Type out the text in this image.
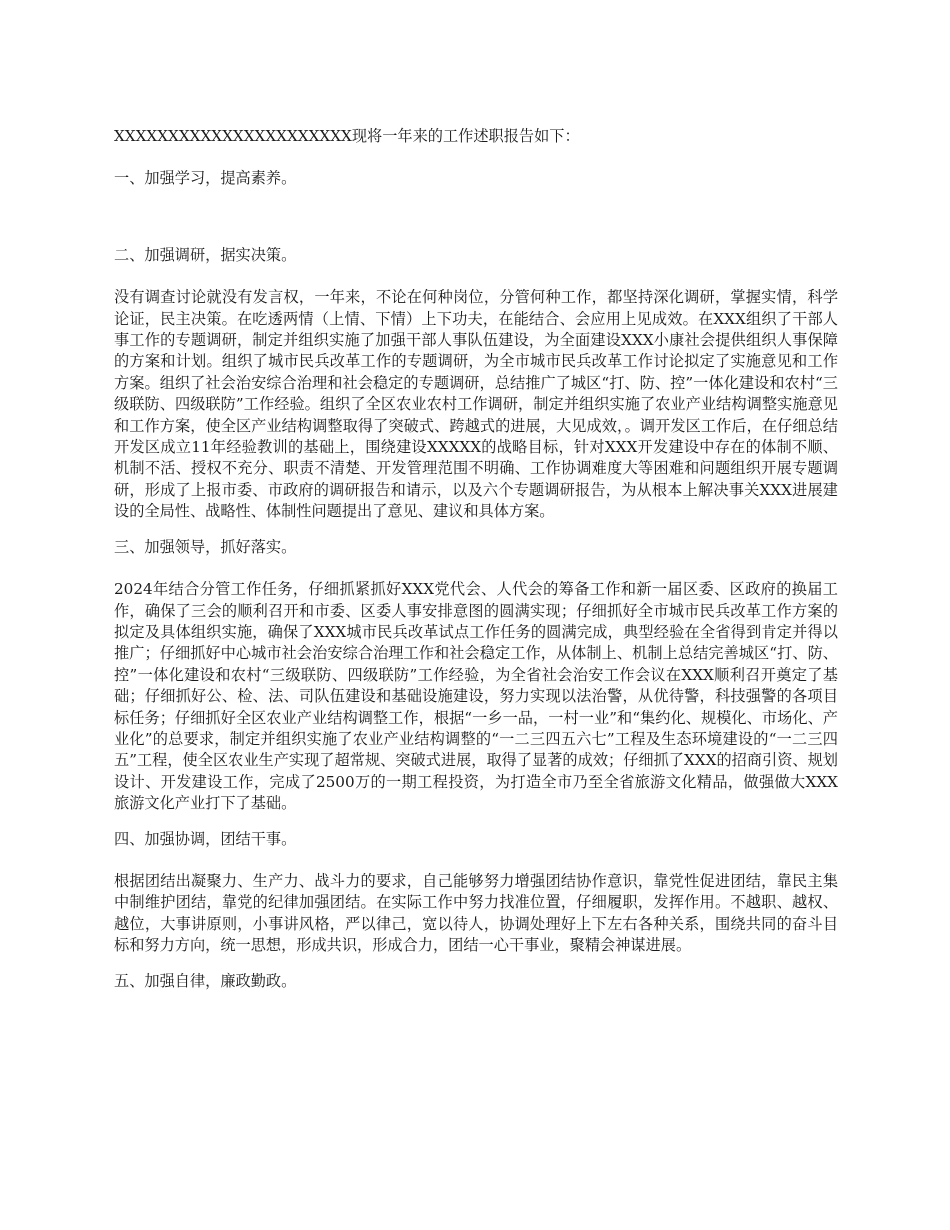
XXXXXXXXXXXXXXXXXXXXXX现将一年来的工作述职报告如下：

一、加强学习，提高素养。

二、加强调研，据实决策。

没有调查讨论就没有发言权，一年来，不论在何种岗位，分管何种工作，都坚持深化调研，掌握实情，科学论证，民主决策。在吃透两情（上情、下情）上下功夫，在能结合、会应用上见成效。在XXX组织了干部人事工作的专题调研，制定并组织实施了加强干部人事队伍建设，为全面建设XXX小康社会提供组织人事保障的方案和计划。组织了城市民兵改革工作的专题调研，为全市城市民兵改革工作讨论拟定了实施意见和工作方案。组织了社会治安综合治理和社会稳定的专题调研，总结推广了城区“打、防、控”一体化建设和农村“三级联防、四级联防”工作经验。组织了全区农业农村工作调研，制定并组织实施了农业产业结构调整实施意见和工作方案，使全区产业结构调整取得了突破式、跨越式的进展，大见成效，。调开发区工作后，在仔细总结开发区成立11年经验教训的基础上，围绕建设XXXXX的战略目标，针对XXX开发建设中存在的体制不顺、机制不活、授权不充分、职责不清楚、开发管理范围不明确、工作协调难度大等困难和问题组织开展专题调研，形成了上报市委、市政府的调研报告和请示，以及六个专题调研报告，为从根本上解决事关XXX进展建设的全局性、战略性、体制性问题提出了意见、建议和具体方案。

三、加强领导，抓好落实。

2024年结合分管工作任务，仔细抓紧抓好XXX党代会、人代会的筹备工作和新一届区委、区政府的换届工作，确保了三会的顺利召开和市委、区委人事安排意图的圆满实现；仔细抓好全市城市民兵改革工作方案的拟定及具体组织实施，确保了XXX城市民兵改革试点工作任务的圆满完成，典型经验在全省得到肯定并得以推广；仔细抓好中心城市社会治安综合治理工作和社会稳定工作，从体制上、机制上总结完善城区“打、防、控”一体化建设和农村“三级联防、四级联防”工作经验，为全省社会治安工作会议在XXX顺利召开奠定了基础；仔细抓好公、检、法、司队伍建设和基础设施建设，努力实现以法治警，从优待警，科技强警的各项目标任务；仔细抓好全区农业产业结构调整工作，根据“一乡一品，一村一业”和“集约化、规模化、市场化、产业化”的总要求，制定并组织实施了农业产业结构调整的“一二三四五六七”工程及生态环境建设的“一二三四五”工程，使全区农业生产实现了超常规、突破式进展，取得了显著的成效；仔细抓了XXX的招商引资、规划设计、开发建设工作，完成了2500万的一期工程投资，为打造全市乃至全省旅游文化精品，做强做大XXX旅游文化产业打下了基础。

四、加强协调，团结干事。

根据团结出凝聚力、生产力、战斗力的要求，自己能够努力增强团结协作意识，靠党性促进团结，靠民主集中制维护团结，靠党的纪律加强团结。在实际工作中努力找准位置，仔细履职，发挥作用。不越职、越权、越位，大事讲原则，小事讲风格，严以律己，宽以待人，协调处理好上下左右各种关系，围绕共同的奋斗目标和努力方向，统一思想，形成共识，形成合力，团结一心干事业，聚精会神谋进展。

五、加强自律，廉政勤政。
